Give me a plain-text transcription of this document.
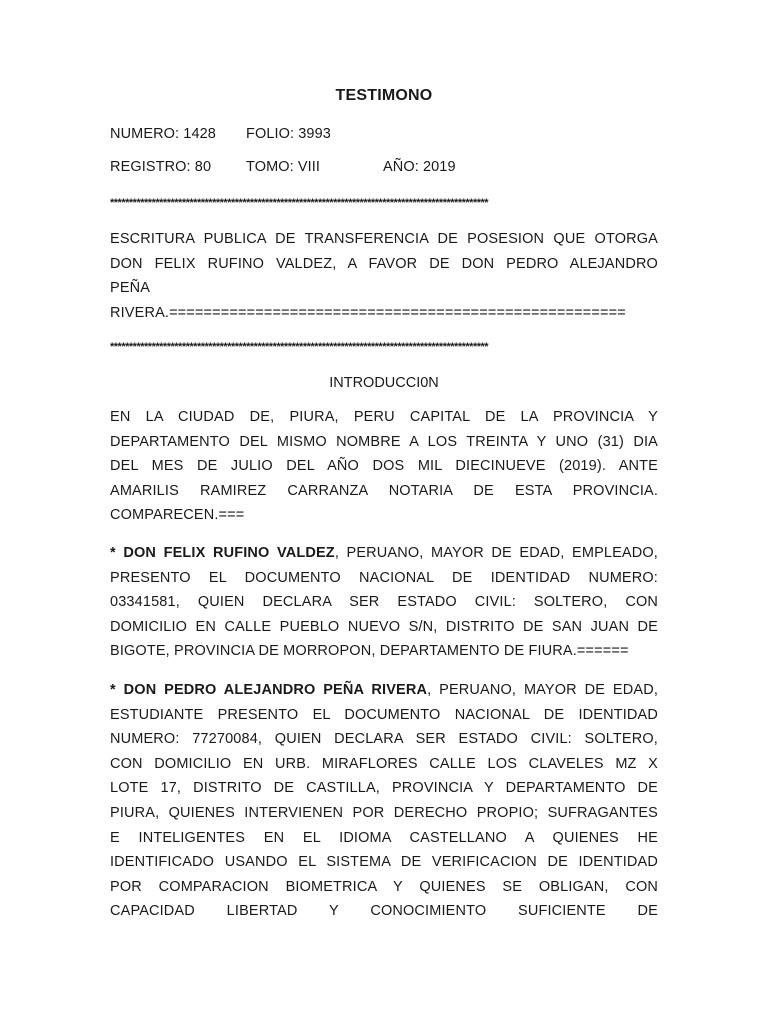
TESTIMONO
NUMERO: 1428 FOLIO: 3993
REGISTRO: 80 TOMO: VIII	AÑO: 2019
****************************************************************************************************
ESCRITURA PUBLICA DE TRANSFERENCIA DE POSESION QUE OTORGA
DON FELIX RUFINO VALDEZ, A FAVOR DE DON PEDRO ALEJANDRO
PEÑA
RIVERA.=====================================================
****************************************************************************************************
INTRODUCCI0N
EN LA CIUDAD DE, PIURA, PERU CAPITAL DE LA PROVINCIA Y
DEPARTAMENTO DEL MISMO NOMBRE A LOS TREINTA Y UNO (31) DIA
DEL MES DE JULIO DEL AÑO DOS MIL DIECINUEVE (2019). ANTE
AMARILIS RAMIREZ CARRANZA NOTARIA DE ESTA PROVINCIA.
COMPARECEN.===
* DON FELIX RUFINO VALDEZ, PERUANO, MAYOR DE EDAD, EMPLEADO,
PRESENTO EL DOCUMENTO NACIONAL DE IDENTIDAD NUMERO:
03341581, QUIEN DECLARA SER ESTADO CIVIL: SOLTERO, CON
DOMICILIO EN CALLE PUEBLO NUEVO S/N, DISTRITO DE SAN JUAN DE
BIGOTE, PROVINCIA DE MORROPON, DEPARTAMENTO DE FIURA.======
* DON PEDRO ALEJANDRO PEÑA RIVERA, PERUANO, MAYOR DE EDAD,
ESTUDIANTE PRESENTO EL DOCUMENTO NACIONAL DE IDENTIDAD
NUMERO: 77270084, QUIEN DECLARA SER ESTADO CIVIL: SOLTERO,
CON DOMICILIO EN URB. MIRAFLORES CALLE LOS CLAVELES MZ X
LOTE 17, DISTRITO DE CASTILLA, PROVINCIA Y DEPARTAMENTO DE
PIURA, QUIENES INTERVIENEN POR DERECHO PROPIO; SUFRAGANTES
E INTELIGENTES EN EL IDIOMA CASTELLANO A QUIENES HE
IDENTIFICADO USANDO EL SISTEMA DE VERIFICACION DE IDENTIDAD
POR COMPARACION BIOMETRICA Y QUIENES SE OBLIGAN, CON
CAPACIDAD LIBERTAD Y CONOCIMIENTO SUFICIENTE DE
